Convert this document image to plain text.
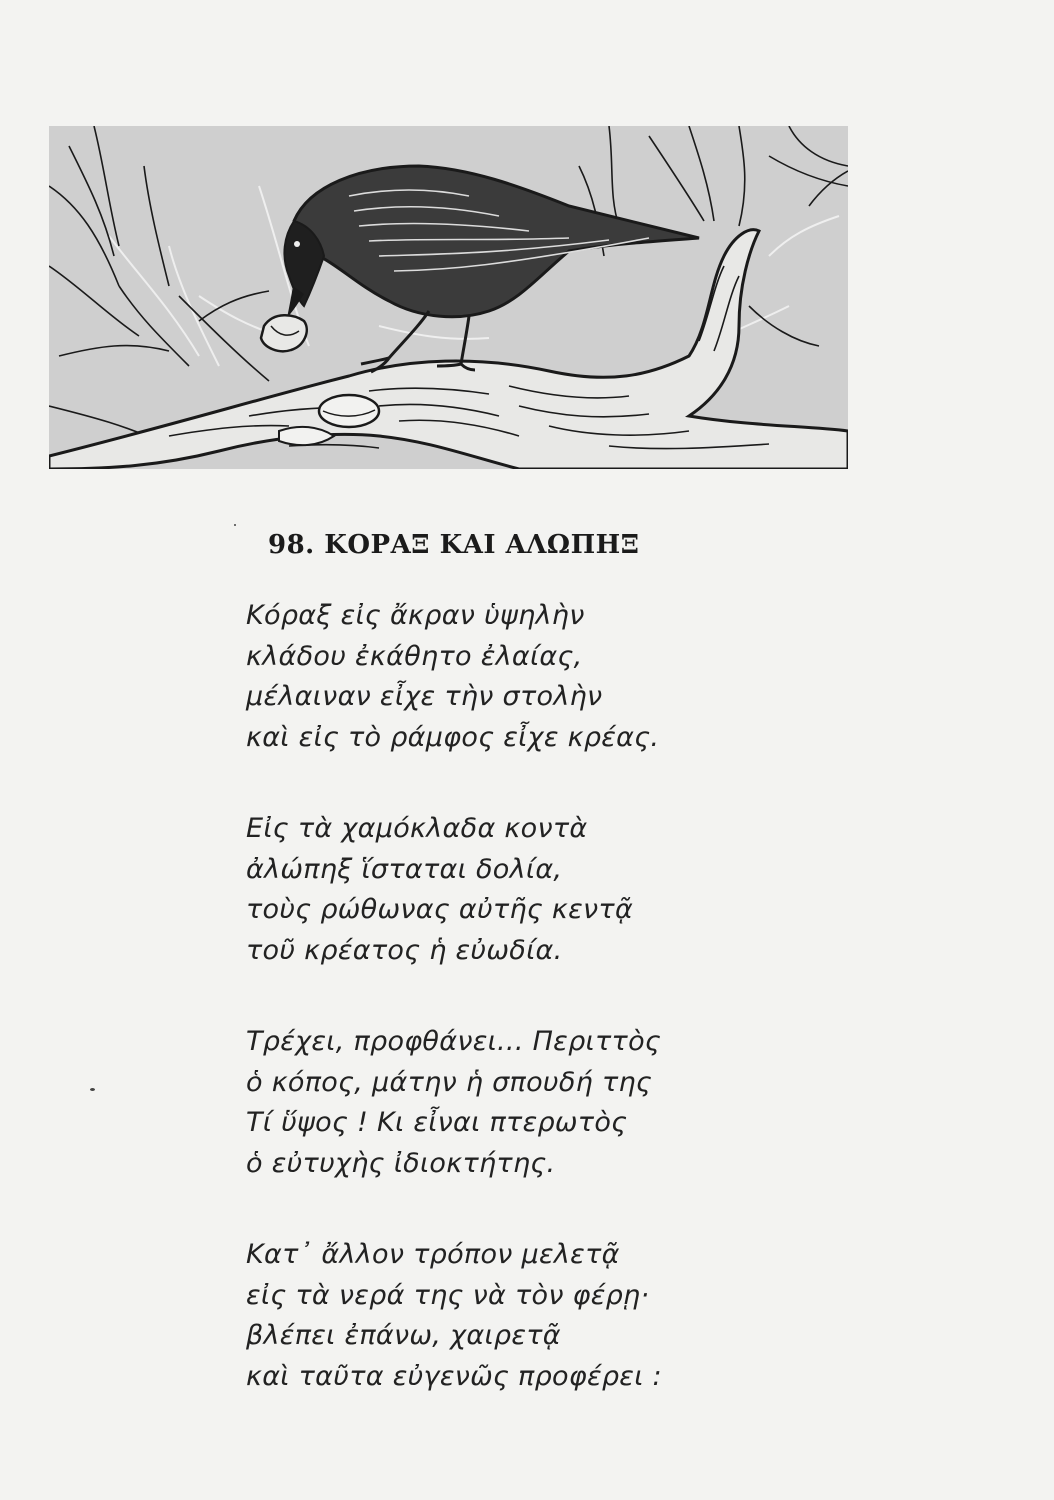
98. ΚΟΡΑΞ ΚΑΙ ΑΛΩΠΗΞ
Κόραξ εἰς ἄκραν ὑψηλὴν
κλάδου ἐκάθητο ἐλαίας,
μέλαιναν εἶχε τὴν στολὴν
καὶ εἰς τὸ ράμφος εἶχε κρέας.
Εἰς τὰ χαμόκλαδα κοντὰ
ἀλώπηξ ἵσταται δολία,
τοὺς ρώθωνας αὐτῆς κεντᾷ
τοῦ κρέατος ἡ εὐωδία.
Τρέχει, προφθάνει... Περιττὸς
ὁ κόπος, μάτην ἡ σπουδή της
Τί ὕψος ! Κι εἶναι πτερωτὸς
ὁ εὐτυχὴς ἰδιοκτήτης.
Κατ᾽ ἄλλον τρόπον μελετᾷ
εἰς τὰ νερά της νὰ τὸν φέρῃ·
βλέπει ἐπάνω, χαιρετᾷ
καὶ ταῦτα εὐγενῶς προφέρει :
